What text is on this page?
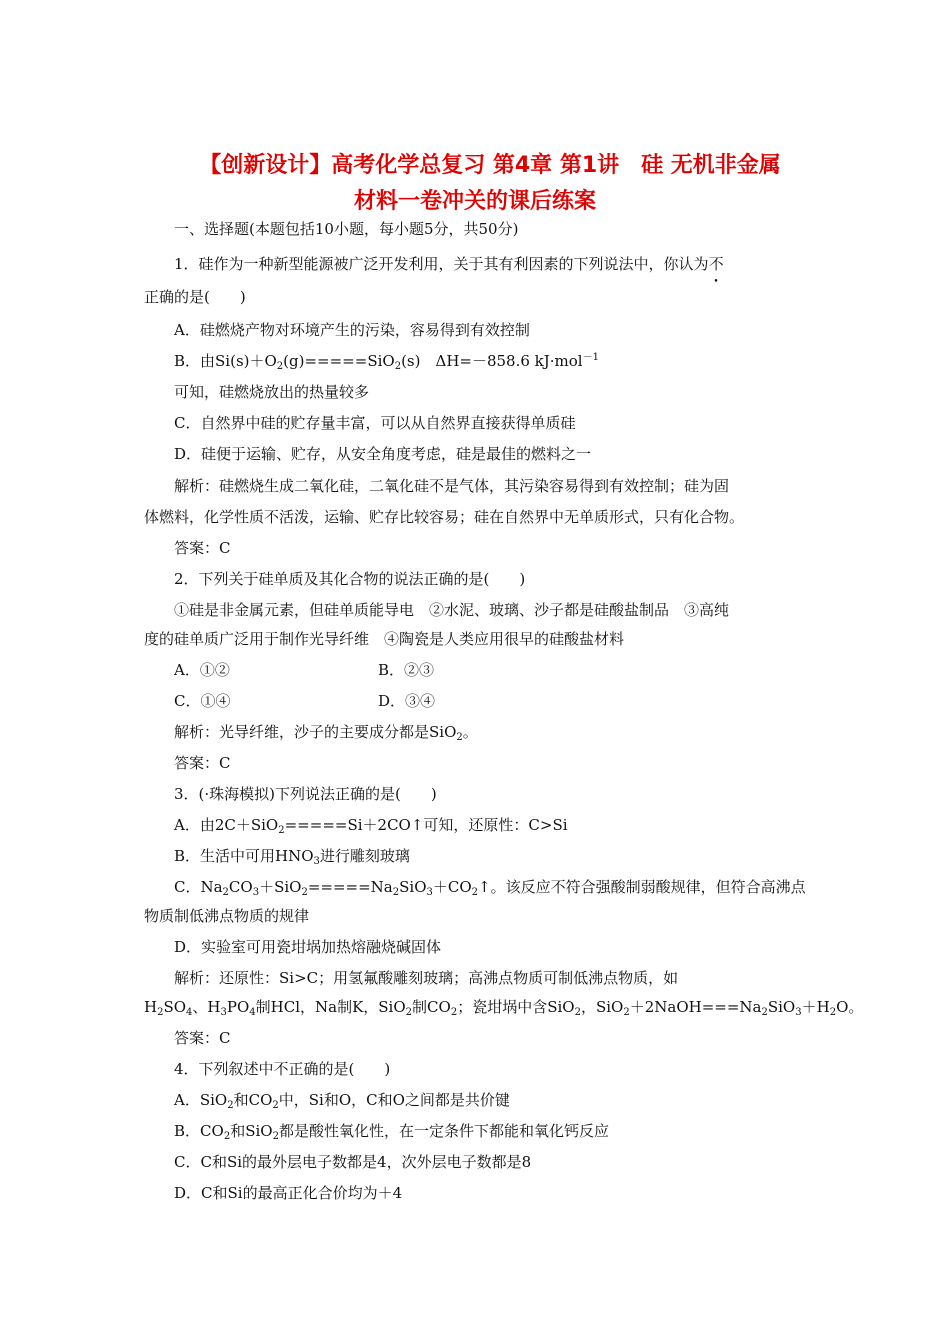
【创新设计】高考化学总复习 第4章 第1讲　硅 无机非金属
材料一卷冲关的课后练案
一、选择题(本题包括10小题，每小题5分，共50分)
1．硅作为一种新型能源被广泛开发利用，关于其有利因素的下列说法中，你认为不
正确的是(　　)
A．硅燃烧产物对环境产生的污染，容易得到有效控制
B．由$Si(s)+O_2(g)=====SiO_2(s)$　ΔH=－858.6 kJ·mol$^{-1}$
可知，硅燃烧放出的热量较多
C．自然界中硅的贮存量丰富，可以从自然界直接获得单质硅
D．硅便于运输、贮存，从安全角度考虑，硅是最佳的燃料之一
解析：硅燃烧生成二氧化硅，二氧化硅不是气体，其污染容易得到有效控制；硅为固
体燃料，化学性质不活泼，运输、贮存比较容易；硅在自然界中无单质形式，只有化合物。
答案：C
2．下列关于硅单质及其化合物的说法正确的是(　　)
①硅是非金属元素，但硅单质能导电　②水泥、玻璃、沙子都是硅酸盐制品　③高纯
度的硅单质广泛用于制作光导纤维　④陶瓷是人类应用很早的硅酸盐材料
A．①②	B．②③
C．①④	D．③④
解析：光导纤维，沙子的主要成分都是SiO$_2$。
答案：C
3．(·珠海模拟)下列说法正确的是(　　)
A．由2C＋SiO$_2$=====Si＋2CO↑可知，还原性：C>Si
B．生活中可用$HNO_3$进行雕刻玻璃
C．$Na_2CO_3+SiO_2=====Na_2SiO_3+CO_2↑$。该反应不符合强酸制弱酸规律，但符合高沸点
物质制低沸点物质的规律
D．实验室可用瓷坩埚加热熔融烧碱固体
解析：还原性：Si>C；用氢氟酸雕刻玻璃；高沸点物质可制低沸点物质，如
$H_2SO_4$、$H_3PO_4$制HCl，Na制K，SiO$_2$制$CO_2$；瓷坩埚中含SiO$_2$，$SiO_2+2NaOH===Na_2SiO_3+H_2O$。
答案：C
4．下列叙述中不正确的是(　　)
A．SiO$_2$和$CO_2$中，Si和O，C和O之间都是共价键
B．$CO_2$和SiO$_2$都是酸性氧化性，在一定条件下都能和氧化钙反应
C．C和Si的最外层电子数都是4，次外层电子数都是8
D．C和Si的最高正化合价均为＋4
